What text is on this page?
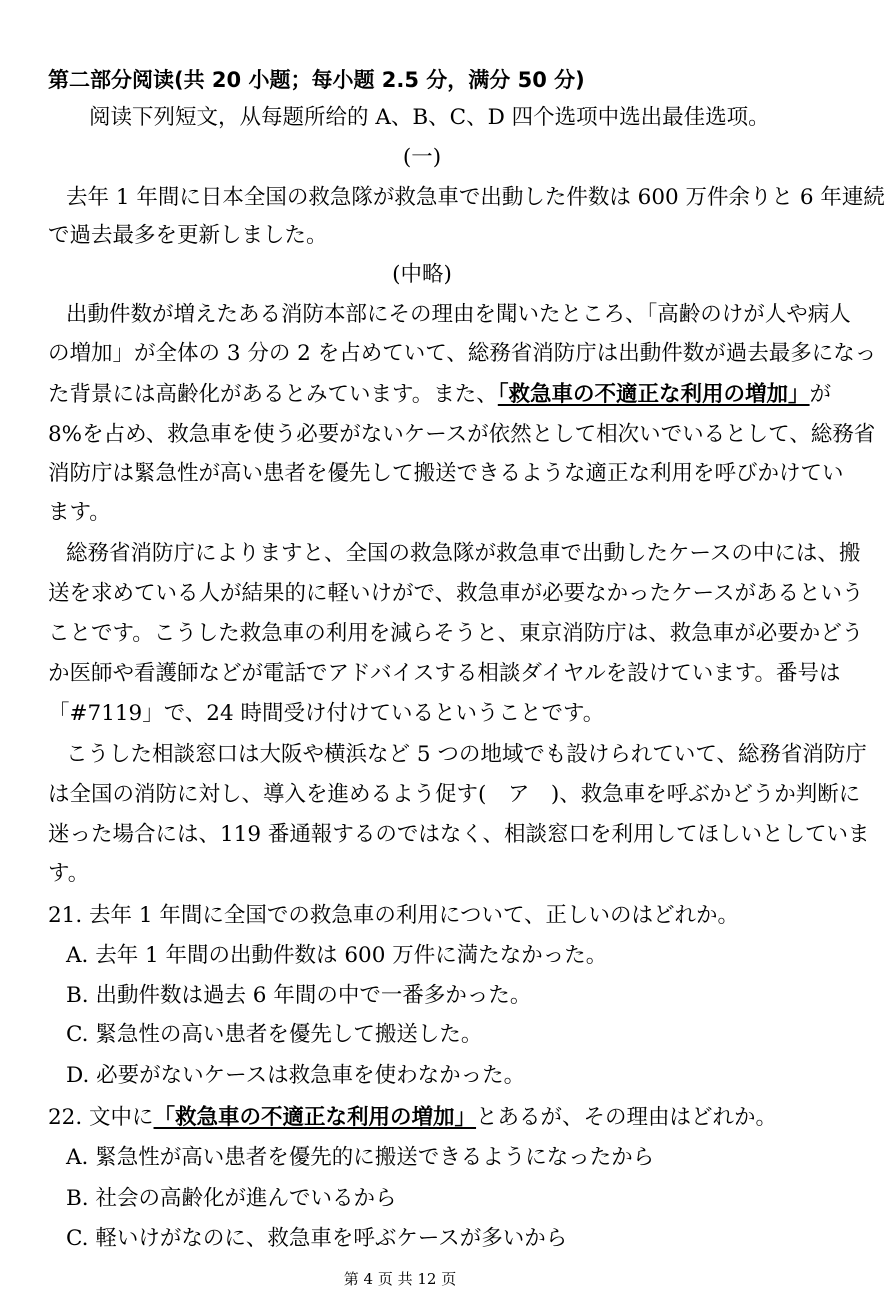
第二部分阅读(共 20 小题；每小题 2.5 分，满分 50 分)
阅读下列短文，从每题所给的 A、B、C、D 四个选项中选出最佳选项。
(一)
去年 1 年間に日本全国の救急隊が救急車で出動した件数は 600 万件余りと 6 年連続
で過去最多を更新しました。
(中略)
出動件数が増えたある消防本部にその理由を聞いたところ、「高齢のけが人や病人
の増加」が全体の 3 分の 2 を占めていて、総務省消防庁は出動件数が過去最多になっ
た背景には高齢化があるとみています。また、「救急車の不適正な利用の増加」が
8%を占め、救急車を使う必要がないケースが依然として相次いでいるとして、総務省
消防庁は緊急性が高い患者を優先して搬送できるような適正な利用を呼びかけてい
ます。
総務省消防庁によりますと、全国の救急隊が救急車で出動したケースの中には、搬
送を求めている人が結果的に軽いけがで、救急車が必要なかったケースがあるという
ことです。こうした救急車の利用を減らそうと、東京消防庁は、救急車が必要かどう
か医師や看護師などが電話でアドバイスする相談ダイヤルを設けています。番号は
「#7119」で、24 時間受け付けているということです。
こうした相談窓口は大阪や横浜など 5 つの地域でも設けられていて、総務省消防庁
は全国の消防に対し、導入を進めるよう促す(　ア　)、救急車を呼ぶかどうか判断に
迷った場合には、119 番通報するのではなく、相談窓口を利用してほしいとしていま
す。
21. 去年 1 年間に全国での救急車の利用について、正しいのはどれか。
A. 去年 1 年間の出動件数は 600 万件に満たなかった。
B. 出動件数は過去 6 年間の中で一番多かった。
C. 緊急性の高い患者を優先して搬送した。
D. 必要がないケースは救急車を使わなかった。
22. 文中に「救急車の不適正な利用の増加」とあるが、その理由はどれか。
A. 緊急性が高い患者を優先的に搬送できるようになったから
B. 社会の高齢化が進んでいるから
C. 軽いけがなのに、救急車を呼ぶケースが多いから
第 4 页 共 12 页
